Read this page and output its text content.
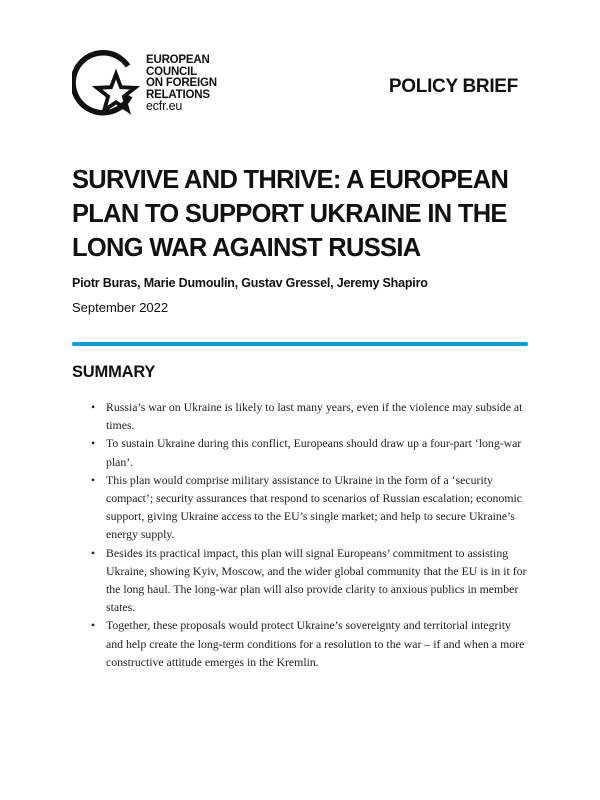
EUROPEAN
COUNCIL
ON FOREIGN
RELATIONS
ecfr.eu
POLICY BRIEF
SURVIVE AND THRIVE: A EUROPEAN PLAN TO SUPPORT UKRAINE IN THE LONG WAR AGAINST RUSSIA
Piotr Buras, Marie Dumoulin, Gustav Gressel, Jeremy Shapiro
September 2022
SUMMARY
• Russia’s war on Ukraine is likely to last many years, even if the violence may subside at times.
• To sustain Ukraine during this conflict, Europeans should draw up a four-part ‘long-war plan’.
• This plan would comprise military assistance to Ukraine in the form of a ‘security compact’; security assurances that respond to scenarios of Russian escalation; economic support, giving Ukraine access to the EU’s single market; and help to secure Ukraine’s energy supply.
• Besides its practical impact, this plan will signal Europeans’ commitment to assisting Ukraine, showing Kyiv, Moscow, and the wider global community that the EU is in it for the long haul. The long-war plan will also provide clarity to anxious publics in member states.
• Together, these proposals would protect Ukraine’s sovereignty and territorial integrity and help create the long-term conditions for a resolution to the war – if and when a more constructive attitude emerges in the Kremlin.
